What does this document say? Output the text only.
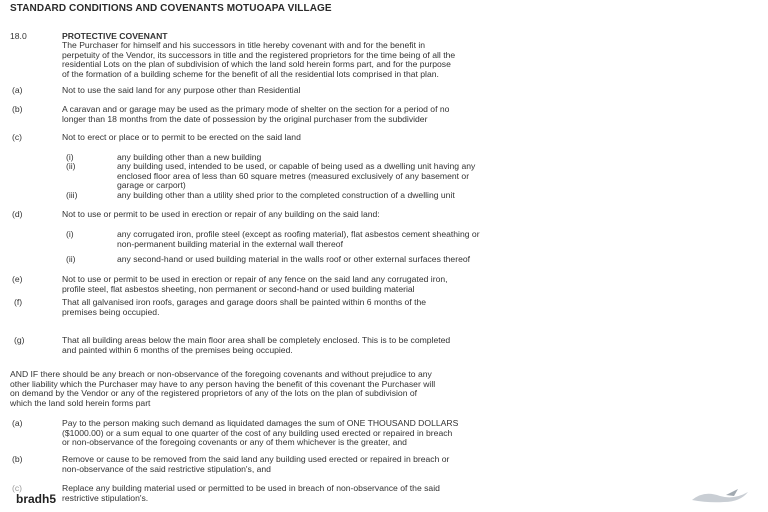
STANDARD CONDITIONS AND COVENANTS MOTUOAPA VILLAGE
18.0	PROTECTIVE COVENANT
The Purchaser for himself and his successors in title hereby covenant with and for the benefit in
perpetuity of the Vendor, its successors in title and the registered proprietors for the time being of all the
residential Lots on the plan of subdivision of which the land sold herein forms part, and for the purpose
of the formation of a building scheme for the benefit of all the residential lots comprised in that plan.
(a)	Not to use the said land for any purpose other than Residential
(b)	A caravan and or garage may be used as the primary mode of shelter on the section for a period of no
longer than 18 months from the date of possession by the original purchaser from the subdivider
(c)	Not to erect or place or to permit to be erected on the said land
(i)	any building other than a new building
(ii)	any building used, intended to be used, or capable of being used as a dwelling unit having any
enclosed floor area of less than 60 square metres (measured exclusively of any basement or
garage or carport)
(iii)	any building other than a utility shed prior to the completed construction of a dwelling unit
(d)	Not to use or permit to be used in erection or repair of any building on the said land:
(i)	any corrugated iron, profile steel (except as roofing material), flat asbestos cement sheathing or
non-permanent building material in the external wall thereof
(ii)	any second-hand or used building material in the walls roof or other external surfaces thereof
(e)	Not to use or permit to be used in erection or repair of any fence on the said land any corrugated iron,
profile steel, flat asbestos sheeting, non permanent or second-hand or used building material
(f)	That all galvanised iron roofs, garages and garage doors shall be painted within 6 months of the
premises being occupied.
(g)	That all building areas below the main floor area shall be completely enclosed. This is to be completed
and painted within 6 months of the premises being occupied.
AND IF there should be any breach or non-observance of the foregoing covenants and without prejudice to any
other liability which the Purchaser may have to any person having the benefit of this covenant the Purchaser will
on demand by the Vendor or any of the registered proprietors of any of the lots on the plan of subdivision of
which the land sold herein forms part
(a)	Pay to the person making such demand as liquidated damages the sum of ONE THOUSAND DOLLARS
($1000.00) or a sum equal to one quarter of the cost of any building used erected or repaired in breach
or non-observance of the foregoing covenants or any of them whichever is the greater, and
(b)	Remove or cause to be removed from the said land any building used erected or repaired in breach or
non-observance of the said restrictive stipulation's, and
(c)	Replace any building material used or permitted to be used in breach of non-observance of the said
restrictive stipulation's.
bradh5
